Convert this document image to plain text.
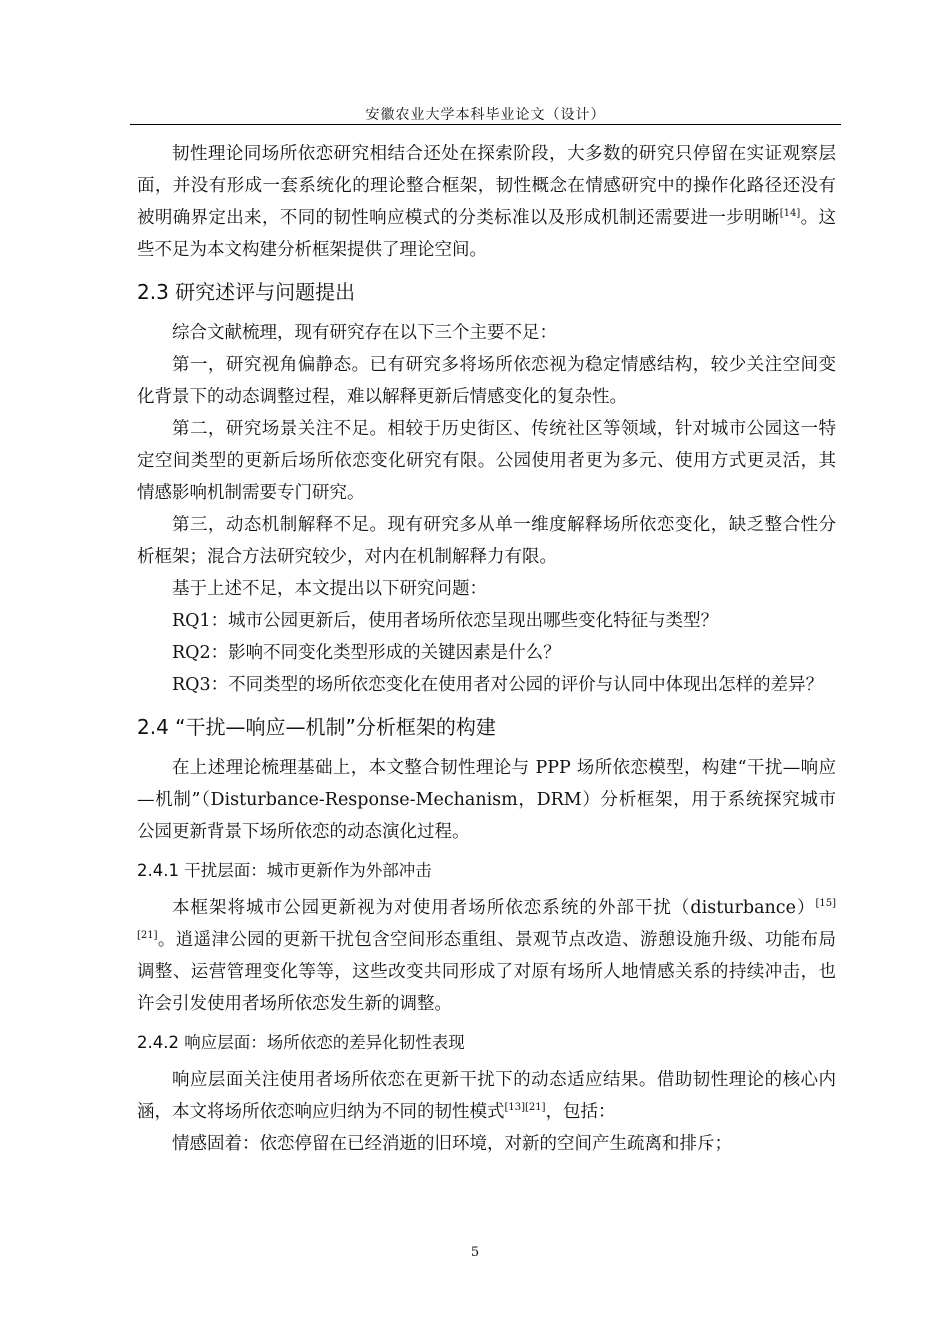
安徽农业大学本科毕业论文（设计）

韧性理论同场所依恋研究相结合还处在探索阶段，大多数的研究只停留在实证观察层面，并没有形成一套系统化的理论整合框架，韧性概念在情感研究中的操作化路径还没有被明确界定出来，不同的韧性响应模式的分类标准以及形成机制还需要进一步明晰[14]。这些不足为本文构建分析框架提供了理论空间。

2.3 研究述评与问题提出

综合文献梳理，现有研究存在以下三个主要不足：

第一，研究视角偏静态。已有研究多将场所依恋视为稳定情感结构，较少关注空间变化背景下的动态调整过程，难以解释更新后情感变化的复杂性。

第二，研究场景关注不足。相较于历史街区、传统社区等领域，针对城市公园这一特定空间类型的更新后场所依恋变化研究有限。公园使用者更为多元、使用方式更灵活，其情感影响机制需要专门研究。

第三，动态机制解释不足。现有研究多从单一维度解释场所依恋变化，缺乏整合性分析框架；混合方法研究较少，对内在机制解释力有限。

基于上述不足，本文提出以下研究问题：

RQ1：城市公园更新后，使用者场所依恋呈现出哪些变化特征与类型？

RQ2：影响不同变化类型形成的关键因素是什么？

RQ3：不同类型的场所依恋变化在使用者对公园的评价与认同中体现出怎样的差异？

2.4 “干扰—响应—机制”分析框架的构建

在上述理论梳理基础上，本文整合韧性理论与 PPP 场所依恋模型，构建“干扰—响应—机制”（Disturbance-Response-Mechanism，DRM）分析框架，用于系统探究城市公园更新背景下场所依恋的动态演化过程。

2.4.1 干扰层面：城市更新作为外部冲击

本框架将城市公园更新视为对使用者场所依恋系统的外部干扰（disturbance）[15][21]。逍遥津公园的更新干扰包含空间形态重组、景观节点改造、游憩设施升级、功能布局调整、运营管理变化等等，这些改变共同形成了对原有场所人地情感关系的持续冲击，也许会引发使用者场所依恋发生新的调整。

2.4.2 响应层面：场所依恋的差异化韧性表现

响应层面关注使用者场所依恋在更新干扰下的动态适应结果。借助韧性理论的核心内涵，本文将场所依恋响应归纳为不同的韧性模式[13][21]，包括：

情感固着：依恋停留在已经消逝的旧环境，对新的空间产生疏离和排斥；

5
